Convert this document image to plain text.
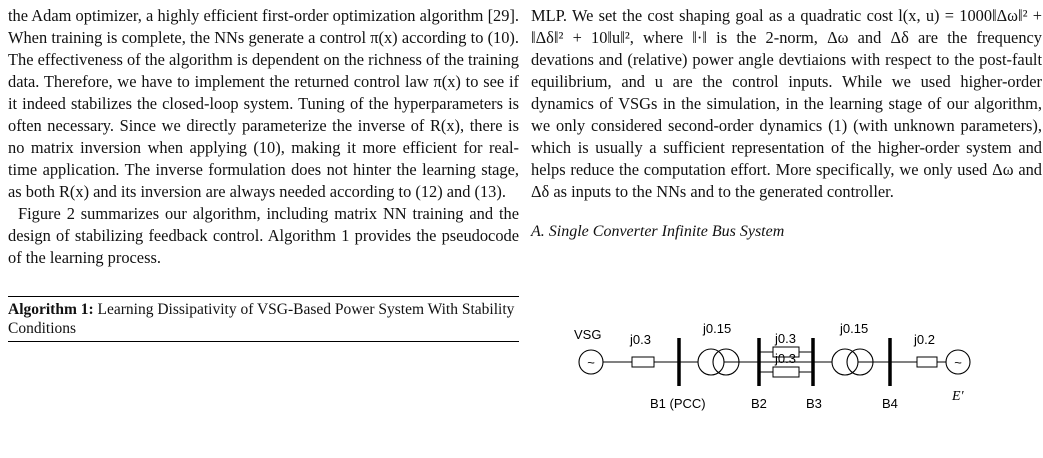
the Adam optimizer, a highly efficient first-order optimization algorithm [29]. When training is complete, the NNs generate a control π(x) according to (10). The effectiveness of the algorithm is dependent on the richness of the training data. Therefore, we have to implement the returned control law π(x) to see if it indeed stabilizes the closed-loop system. Tuning of the hyperparameters is often necessary. Since we directly parameterize the inverse of R(x), there is no matrix inversion when applying (10), making it more efficient for real-time application. The inverse formulation does not hinter the learning stage, as both R(x) and its inversion are always needed according to (12) and (13).

Figure 2 summarizes our algorithm, including matrix NN training and the design of stabilizing feedback control. Algorithm 1 provides the pseudocode of the learning process.

Algorithm 1: Learning Dissipativity of VSG-Based Power System With Stability Conditions

MLP. We set the cost shaping goal as a quadratic cost l(x, u) = 1000‖Δω‖² + ‖Δδ‖² + 10‖u‖², where ‖·‖ is the 2-norm, Δω and Δδ are the frequency devations and (relative) power angle devtiaions with respect to the post-fault equilibrium, and u are the control inputs. While we used higher-order dynamics of VSGs in the simulation, in the learning stage of our algorithm, we only considered second-order dynamics (1) (with unknown parameters), which is usually a sufficient representation of the higher-order system and helps reduce the computation effort. More specifically, we only used Δω and Δδ as inputs to the NNs and to the generated controller.

A. Single Converter Infinite Bus System

~
VSG j0.3
B1 (PCC)
j0.15
B2
j0.3
j0.3
B3
j0.15
B4
j0.2
~
E′
